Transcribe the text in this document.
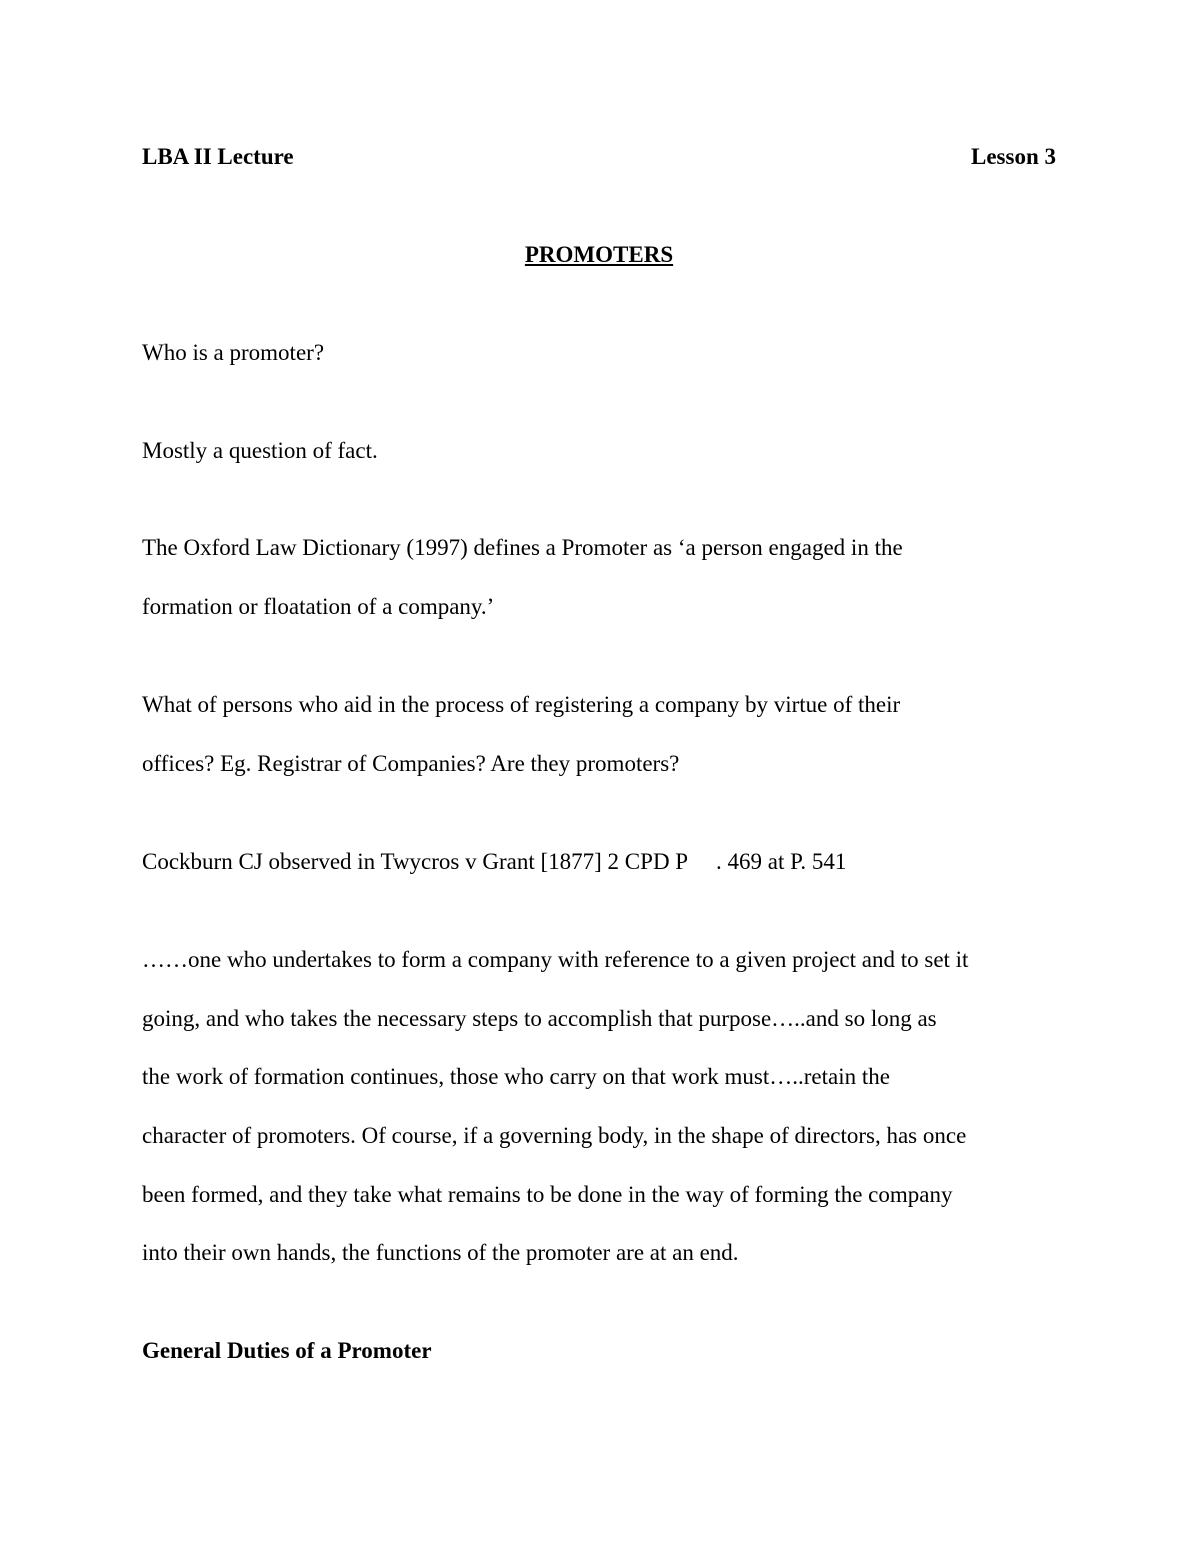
LBA II Lecture	Lesson 3
PROMOTERS
Who is a promoter?
Mostly a question of fact.
The Oxford Law Dictionary (1997) defines a Promoter as ‘a person engaged in the
formation or floatation of a company.’
What of persons who aid in the process of registering a company by virtue of their
offices? Eg. Registrar of Companies? Are they promoters?
Cockburn CJ observed in Twycros v Grant [1877] 2 CPD P     . 469 at P. 541
……one who undertakes to form a company with reference to a given project and to set it
going, and who takes the necessary steps to accomplish that purpose…..and so long as
the work of formation continues, those who carry on that work must…..retain the
character of promoters. Of course, if a governing body, in the shape of directors, has once
been formed, and they take what remains to be done in the way of forming the company
into their own hands, the functions of the promoter are at an end.
General Duties of a Promoter
